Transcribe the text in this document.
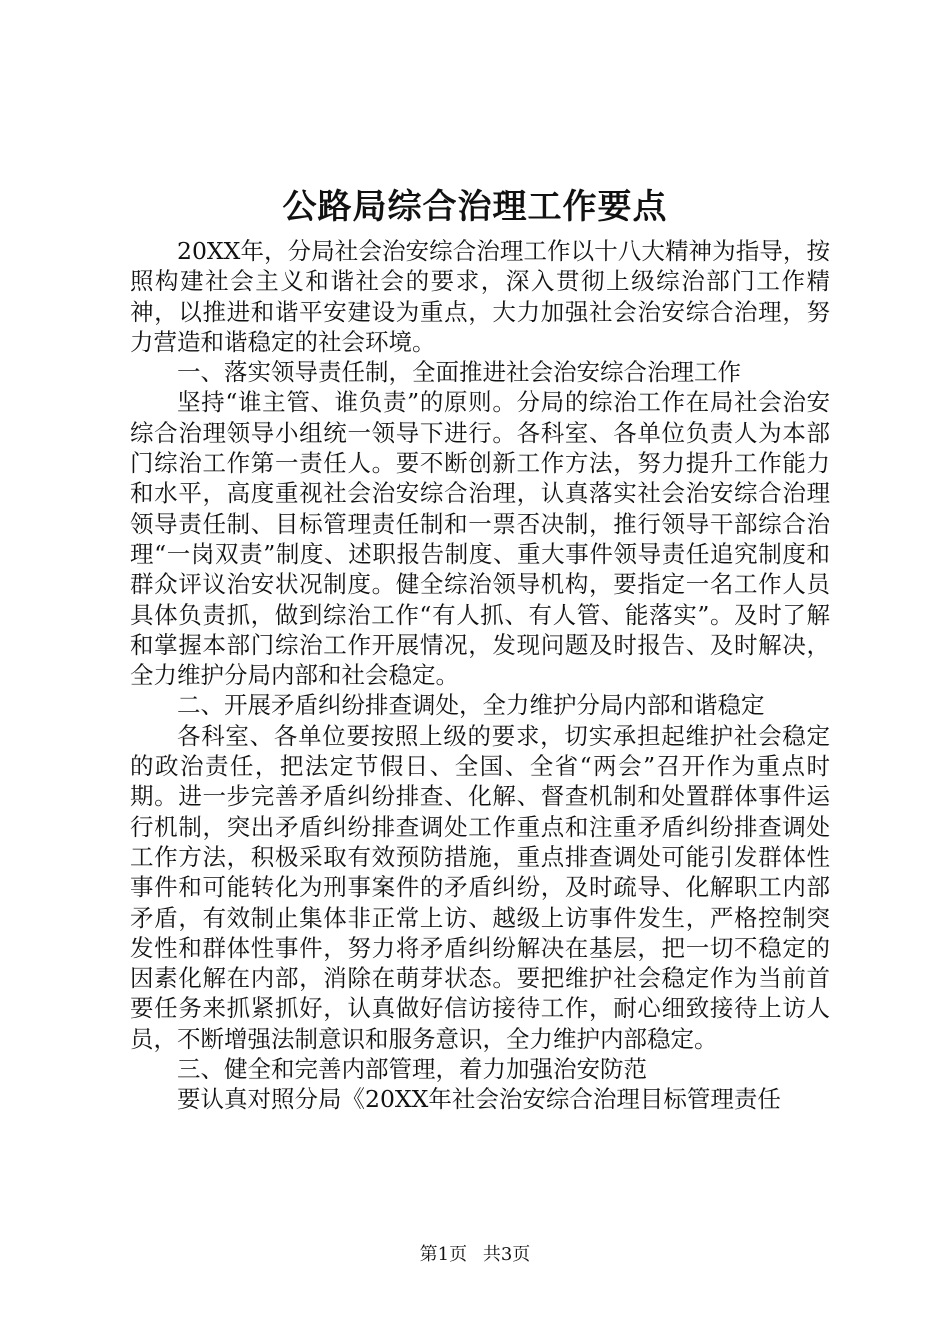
公路局综合治理工作要点

20XX年，分局社会治安综合治理工作以十八大精神为指导，按照构建社会主义和谐社会的要求，深入贯彻上级综治部门工作精神，以推进和谐平安建设为重点，大力加强社会治安综合治理，努力营造和谐稳定的社会环境。

一、落实领导责任制，全面推进社会治安综合治理工作

坚持“谁主管、谁负责”的原则。分局的综治工作在局社会治安综合治理领导小组统一领导下进行。各科室、各单位负责人为本部门综治工作第一责任人。要不断创新工作方法，努力提升工作能力和水平，高度重视社会治安综合治理，认真落实社会治安综合治理领导责任制、目标管理责任制和一票否决制，推行领导干部综合治理“一岗双责”制度、述职报告制度、重大事件领导责任追究制度和群众评议治安状况制度。健全综治领导机构，要指定一名工作人员具体负责抓，做到综治工作“有人抓、有人管、能落实”。及时了解和掌握本部门综治工作开展情况，发现问题及时报告、及时解决，全力维护分局内部和社会稳定。

二、开展矛盾纠纷排查调处，全力维护分局内部和谐稳定

各科室、各单位要按照上级的要求，切实承担起维护社会稳定的政治责任，把法定节假日、全国、全省“两会”召开作为重点时期。进一步完善矛盾纠纷排查、化解、督查机制和处置群体事件运行机制，突出矛盾纠纷排查调处工作重点和注重矛盾纠纷排查调处工作方法，积极采取有效预防措施，重点排查调处可能引发群体性事件和可能转化为刑事案件的矛盾纠纷，及时疏导、化解职工内部矛盾，有效制止集体非正常上访、越级上访事件发生，严格控制突发性和群体性事件，努力将矛盾纠纷解决在基层，把一切不稳定的因素化解在内部，消除在萌芽状态。要把维护社会稳定作为当前首要任务来抓紧抓好，认真做好信访接待工作，耐心细致接待上访人员，不断增强法制意识和服务意识，全力维护内部稳定。

三、健全和完善内部管理，着力加强治安防范

要认真对照分局《20XX年社会治安综合治理目标管理责任

第1页 共3页
